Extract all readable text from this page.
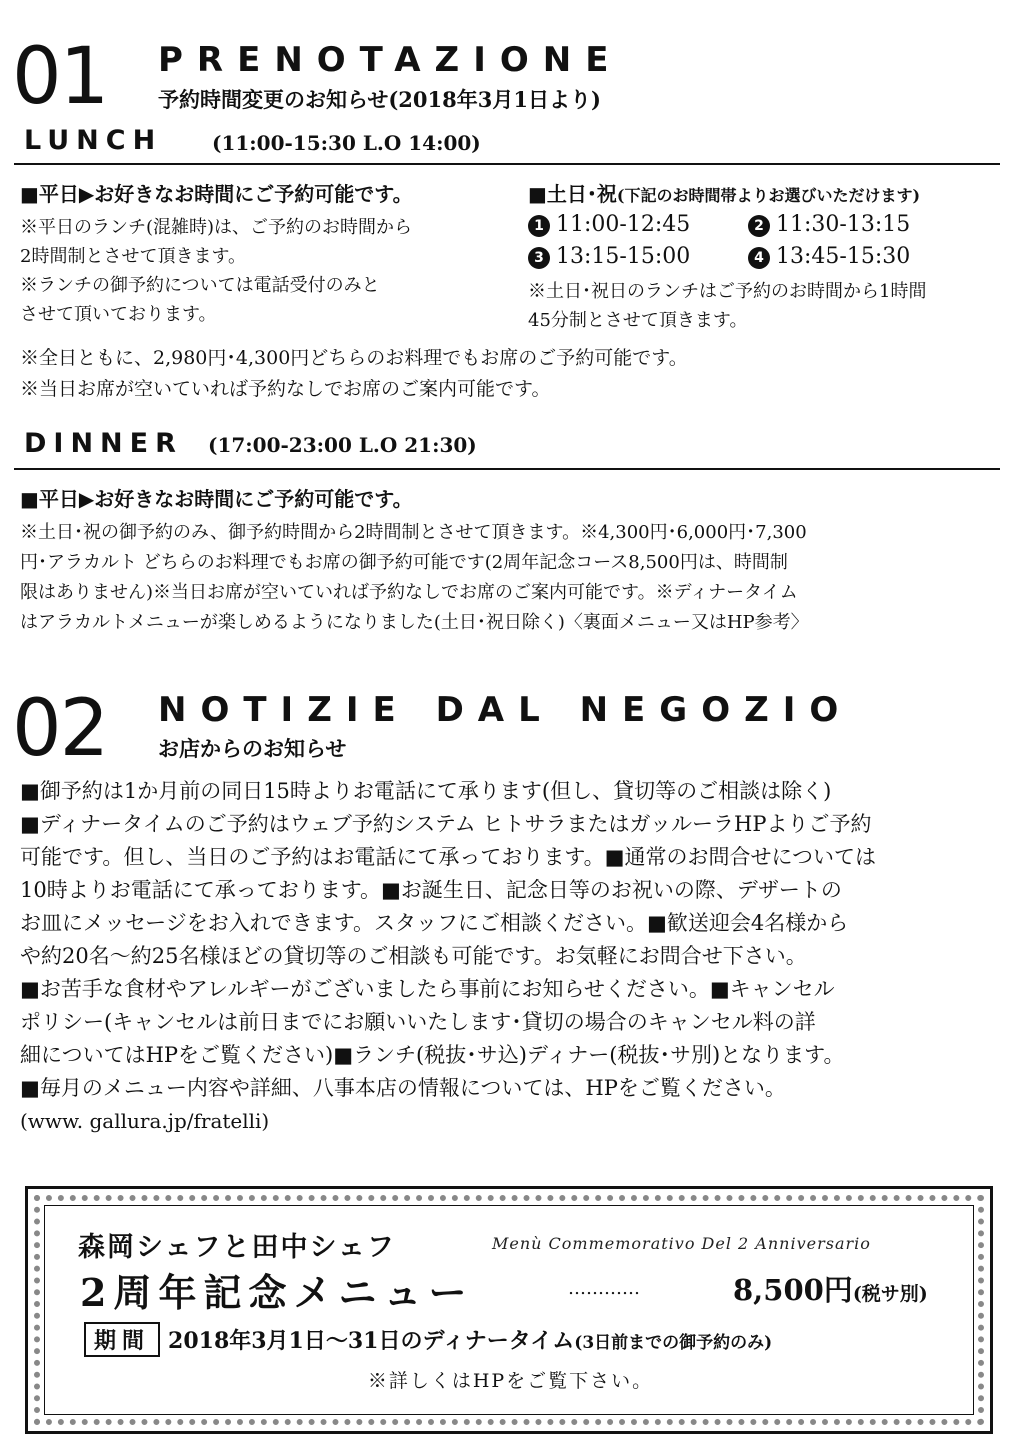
01 PRENOTAZIONE
予約時間変更のお知らせ(2018年3月1日より)
LUNCH (11:00-15:30 L.O 14:00)
■平日▶お好きなお時間にご予約可能です。
※平日のランチ(混雑時)は、ご予約のお時間から
2時間制とさせて頂きます。
※ランチの御予約については電話受付のみと
させて頂いております。
■土日･祝(下記のお時間帯よりお選びいただけます)
1 11:00-12:45	2 11:30-13:15
3 13:15-15:00	4 13:45-15:30
※土日･祝日のランチはご予約のお時間から1時間
45分制とさせて頂きます。
※全日ともに、2,980円･4,300円どちらのお料理でもお席のご予約可能です。
※当日お席が空いていれば予約なしでお席のご案内可能です。
DINNER (17:00-23:00 L.O 21:30)
■平日▶お好きなお時間にご予約可能です。
※土日･祝の御予約のみ、御予約時間から2時間制とさせて頂きます。※4,300円･6,000円･7,300
円･アラカルト どちらのお料理でもお席の御予約可能です(2周年記念コース8,500円は、時間制
限はありません)※当日お席が空いていれば予約なしでお席のご案内可能です。※ディナータイム
はアラカルトメニューが楽しめるようになりました(土日･祝日除く)〈裏面メニュー又はHP参考〉
02 NOTIZIE DAL NEGOZIO
お店からのお知らせ
■御予約は1か月前の同日15時よりお電話にて承ります(但し、貸切等のご相談は除く)
■ディナータイムのご予約はウェブ予約システム ヒトサラまたはガッルーラHPよりご予約
可能です。但し、当日のご予約はお電話にて承っております。■通常のお問合せについては
10時よりお電話にて承っております。■お誕生日、記念日等のお祝いの際、デザートの
お皿にメッセージをお入れできます。スタッフにご相談ください。■歓送迎会4名様から
や約20名〜約25名様ほどの貸切等のご相談も可能です。お気軽にお問合せ下さい。
■お苦手な食材やアレルギーがございましたら事前にお知らせください。■キャンセル
ポリシー(キャンセルは前日までにお願いいたします･貸切の場合のキャンセル料の詳
細についてはHPをご覧ください)■ランチ(税抜･サ込)ディナー(税抜･サ別)となります。
■毎月のメニュー内容や詳細、八事本店の情報については、HPをご覧ください。
(www. gallura.jp/fratelli)
森岡シェフと田中シェフ	Menù Commemorativo Del 2 Anniversario
2周年記念メニュー	…………	8,500円(税サ別)
期間 2018年3月1日〜31日のディナータイム(3日前までの御予約のみ)
※詳しくはHPをご覧下さい。
